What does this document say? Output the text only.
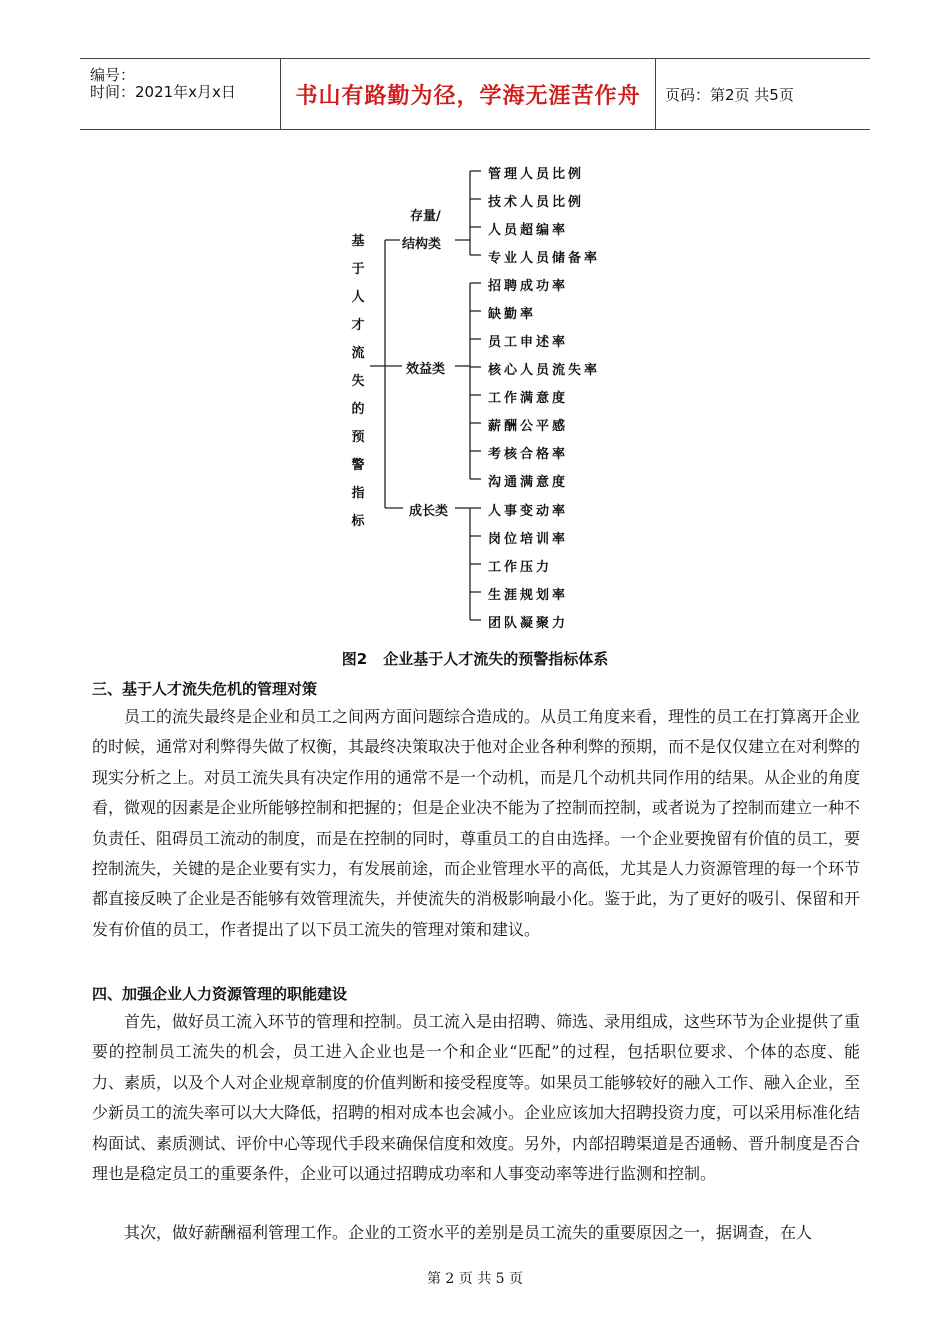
编号：
时间：2021年x月x日	书山有路勤为径，学海无涯苦作舟 页码：第2页 共5页
基于人才流失的预警指标
存量/
结构类
效益类
成长类
管理人员比例
技术人员比例
人员超编率
专业人员储备率
招聘成功率
缺勤率
员工申述率
核心人员流失率
工作满意度
薪酬公平感
考核合格率
沟通满意度
人事变动率
岗位培训率
工作压力
生涯规划率
团队凝聚力
图2 企业基于人才流失的预警指标体系
三、基于人才流失危机的管理对策
员工的流失最终是企业和员工之间两方面问题综合造成的。从员工角度来看，理性的员工在打算离开企业的时候，通常对利弊得失做了权衡，其最终决策取决于他对企业各种利弊的预期，而不是仅仅建立在对利弊的现实分析之上。对员工流失具有决定作用的通常不是一个动机，而是几个动机共同作用的结果。从企业的角度看，微观的因素是企业所能够控制和把握的；但是企业决不能为了控制而控制，或者说为了控制而建立一种不负责任、阻碍员工流动的制度，而是在控制的同时，尊重员工的自由选择。一个企业要挽留有价值的员工，要控制流失，关键的是企业要有实力，有发展前途，而企业管理水平的高低，尤其是人力资源管理的每一个环节都直接反映了企业是否能够有效管理流失，并使流失的消极影响最小化。鉴于此，为了更好的吸引、保留和开发有价值的员工，作者提出了以下员工流失的管理对策和建议。
四、加强企业人力资源管理的职能建设
首先，做好员工流入环节的管理和控制。员工流入是由招聘、筛选、录用组成，这些环节为企业提供了重要的控制员工流失的机会，员工进入企业也是一个和企业“匹配”的过程，包括职位要求、个体的态度、能力、素质，以及个人对企业规章制度的价值判断和接受程度等。如果员工能够较好的融入工作、融入企业，至少新员工的流失率可以大大降低，招聘的相对成本也会减小。企业应该加大招聘投资力度，可以采用标准化结构面试、素质测试、评价中心等现代手段来确保信度和效度。另外，内部招聘渠道是否通畅、晋升制度是否合理也是稳定员工的重要条件，企业可以通过招聘成功率和人事变动率等进行监测和控制。
其次，做好薪酬福利管理工作。企业的工资水平的差别是员工流失的重要原因之一，据调查，在人
第 2 页 共 5 页
